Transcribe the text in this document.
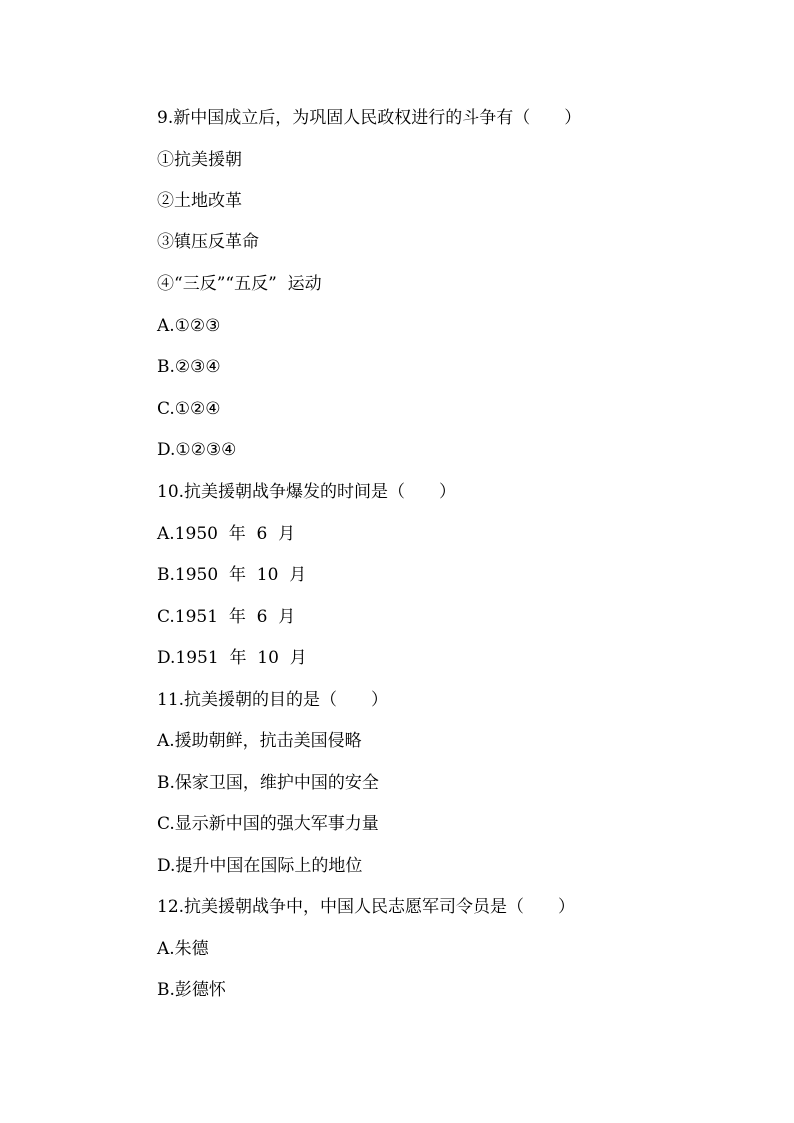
9.新中国成立后，为巩固人民政权进行的斗争有（　　）
①抗美援朝
②土地改革
③镇压反革命
④“三反”“五反”  运动
A.①②③
B.②③④
C.①②④
D.①②③④
10.抗美援朝战争爆发的时间是（　　）
A.1950  年  6  月
B.1950  年  10  月
C.1951  年  6  月
D.1951  年  10  月
11.抗美援朝的目的是（　　）
A.援助朝鲜，抗击美国侵略
B.保家卫国，维护中国的安全
C.显示新中国的强大军事力量
D.提升中国在国际上的地位
12.抗美援朝战争中，中国人民志愿军司令员是（　　）
A.朱德
B.彭德怀
